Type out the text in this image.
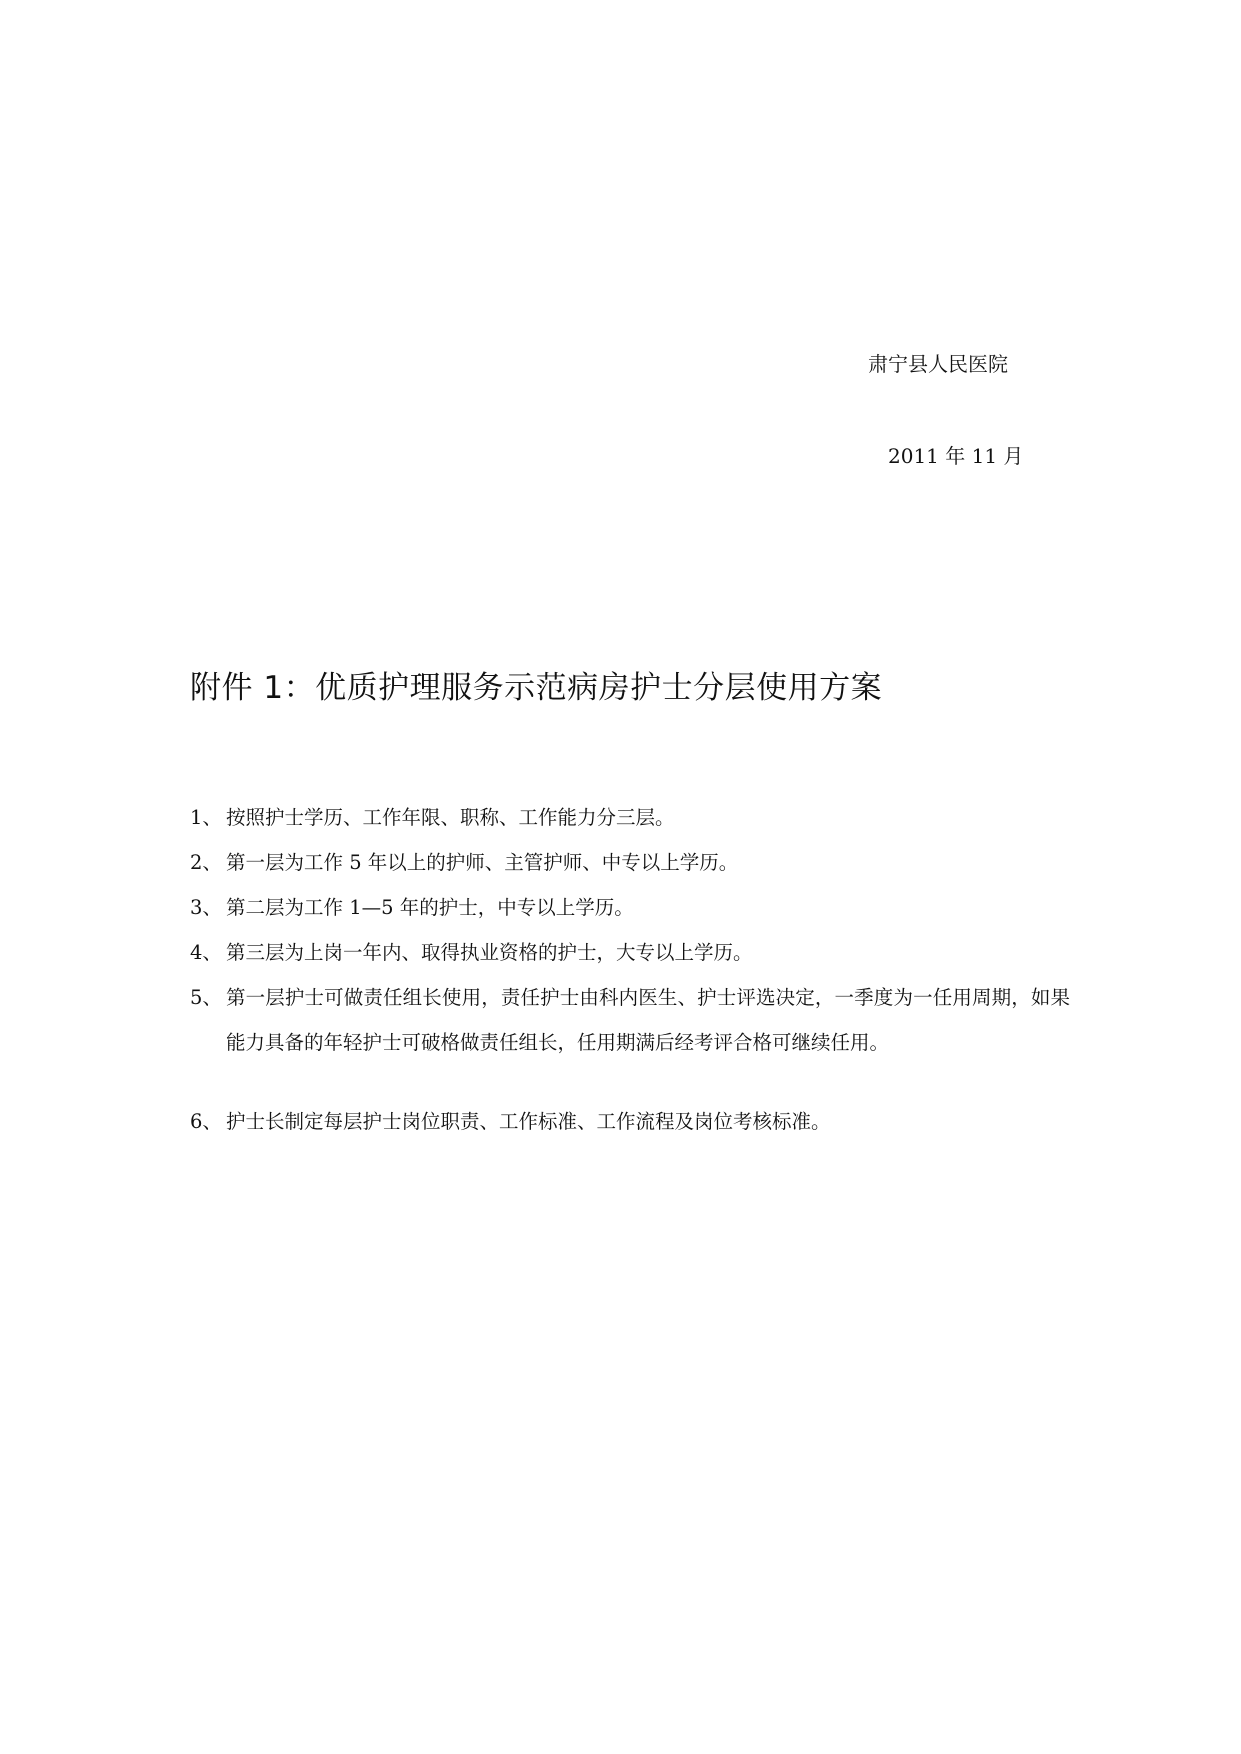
肃宁县人民医院
2011 年 11 月
附件 1：优质护理服务示范病房护士分层使用方案
1、 按照护士学历、工作年限、职称、工作能力分三层。
2、 第一层为工作 5 年以上的护师、主管护师、中专以上学历。
3、 第二层为工作 1—5 年的护士，中专以上学历。
4、 第三层为上岗一年内、取得执业资格的护士，大专以上学历。
5、 第一层护士可做责任组长使用，责任护士由科内医生、护士评选决定，一季度为一任用周期，如果能力具备的年轻护士可破格做责任组长，任用期满后经考评合格可继续任用。
6、 护士长制定每层护士岗位职责、工作标准、工作流程及岗位考核标准。
